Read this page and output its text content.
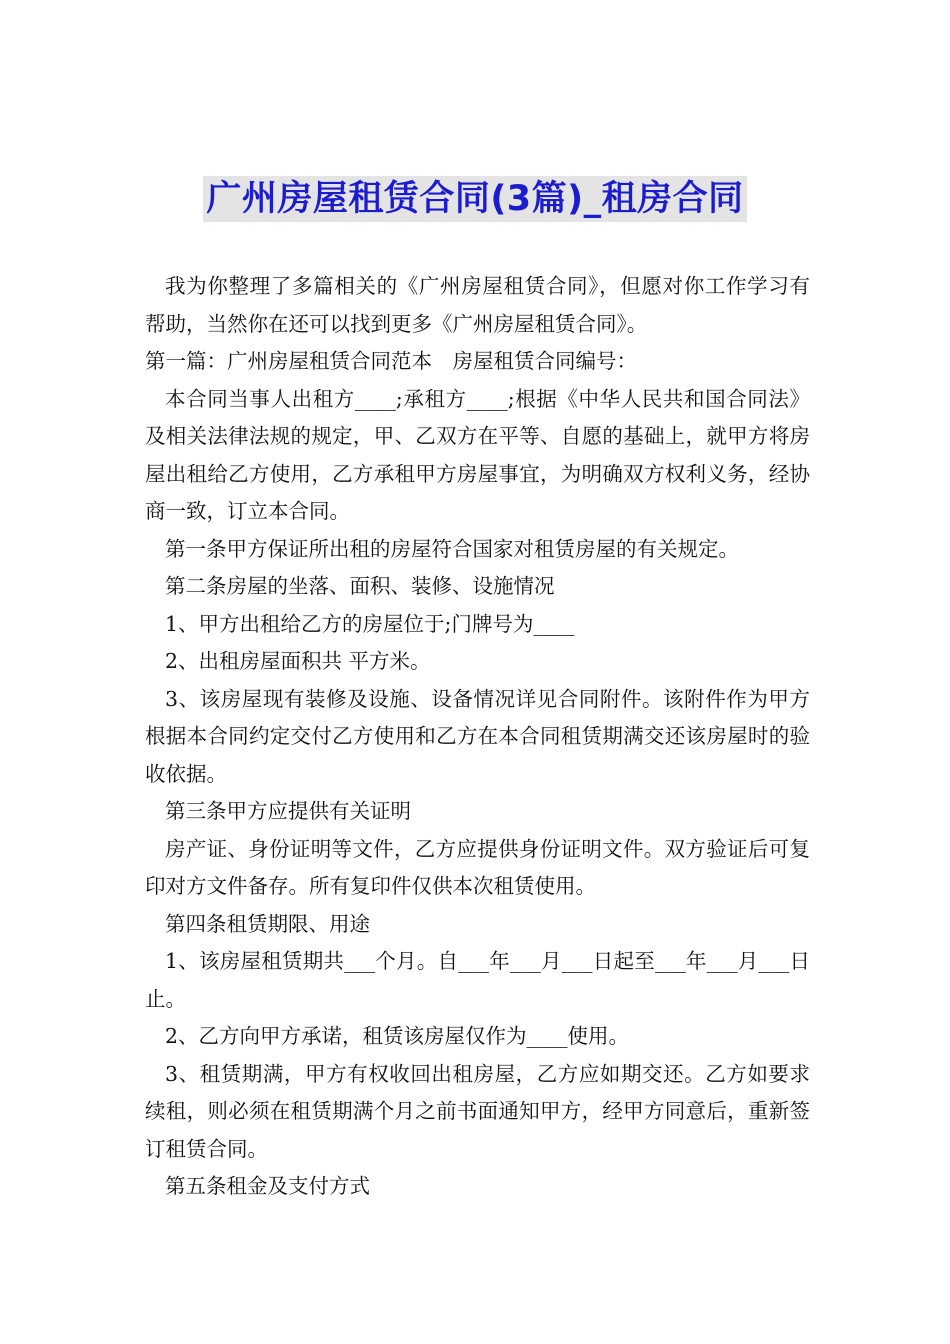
广州房屋租赁合同(3篇)_租房合同

我为你整理了多篇相关的《广州房屋租赁合同》，但愿对你工作学习有帮助，当然你在还可以找到更多《广州房屋租赁合同》。

第一篇：广州房屋租赁合同范本　房屋租赁合同编号：

本合同当事人出租方____;承租方____;根据《中华人民共和国合同法》及相关法律法规的规定，甲、乙双方在平等、自愿的基础上，就甲方将房屋出租给乙方使用，乙方承租甲方房屋事宜，为明确双方权利义务，经协商一致，订立本合同。

第一条甲方保证所出租的房屋符合国家对租赁房屋的有关规定。

第二条房屋的坐落、面积、装修、设施情况

1、甲方出租给乙方的房屋位于;门牌号为____

2、出租房屋面积共 平方米。

3、该房屋现有装修及设施、设备情况详见合同附件。该附件作为甲方根据本合同约定交付乙方使用和乙方在本合同租赁期满交还该房屋时的验收依据。

第三条甲方应提供有关证明

房产证、身份证明等文件，乙方应提供身份证明文件。双方验证后可复印对方文件备存。所有复印件仅供本次租赁使用。

第四条租赁期限、用途

1、该房屋租赁期共___个月。自___年___月___日起至___年___月___日止。

2、乙方向甲方承诺，租赁该房屋仅作为____使用。

3、租赁期满，甲方有权收回出租房屋，乙方应如期交还。乙方如要求续租，则必须在租赁期满个月之前书面通知甲方，经甲方同意后，重新签订租赁合同。

第五条租金及支付方式
